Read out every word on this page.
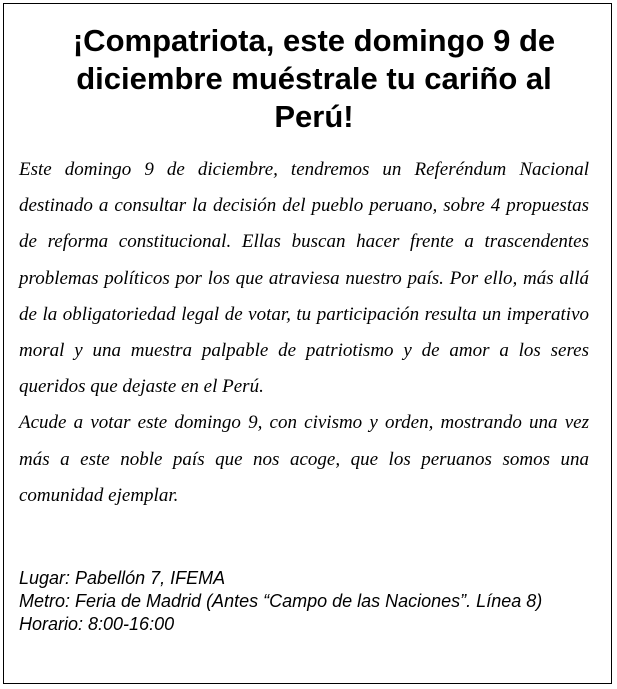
¡Compatriota, este domingo 9 de diciembre muéstrale tu cariño al Perú!

Este domingo 9 de diciembre, tendremos un Referéndum Nacional destinado a consultar la decisión del pueblo peruano, sobre 4 propuestas de reforma constitucional. Ellas buscan hacer frente a trascendentes problemas políticos por los que atraviesa nuestro país. Por ello, más allá de la obligatoriedad legal de votar, tu participación resulta un imperativo moral y una muestra palpable de patriotismo y de amor a los seres queridos que dejaste en el Perú.

Acude a votar este domingo 9, con civismo y orden, mostrando una vez más a este noble país que nos acoge, que los peruanos somos una comunidad ejemplar.

Lugar: Pabellón 7, IFEMA

Metro: Feria de Madrid (Antes “Campo de las Naciones”. Línea 8)

Horario: 8:00-16:00
